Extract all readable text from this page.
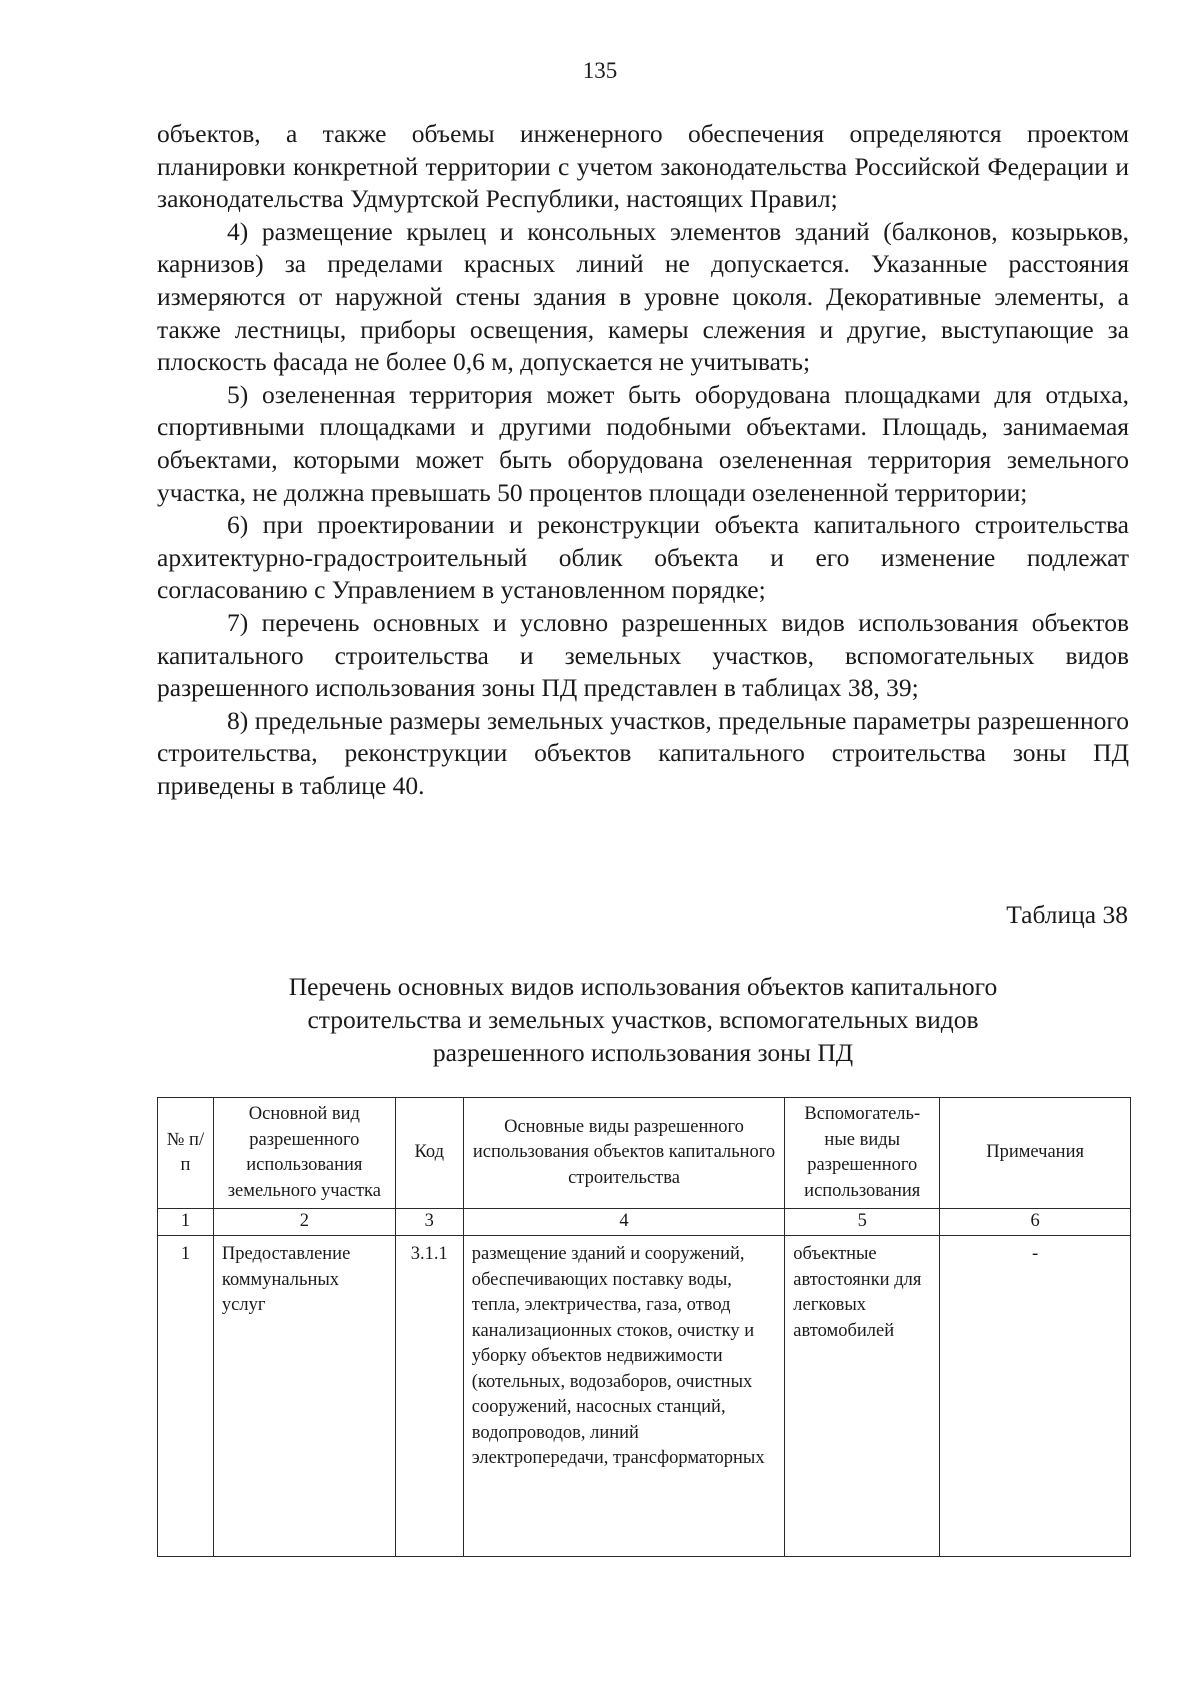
135

объектов, а также объемы инженерного обеспечения определяются проектом планировки конкретной территории с учетом законодательства Российской Федерации и законодательства Удмуртской Республики, настоящих Правил;

4) размещение крылец и консольных элементов зданий (балконов, козырьков, карнизов) за пределами красных линий не допускается. Указанные расстояния измеряются от наружной стены здания в уровне цоколя. Декоративные элементы, а также лестницы, приборы освещения, камеры слежения и другие, выступающие за плоскость фасада не более 0,6 м, допускается не учитывать;

5) озелененная территория может быть оборудована площадками для отдыха, спортивными площадками и другими подобными объектами. Площадь, занимаемая объектами, которыми может быть оборудована озелененная территория земельного участка, не должна превышать 50 процентов площади озелененной территории;

6) при проектировании и реконструкции объекта капитального строительства архитектурно-градостроительный облик объекта и его изменение подлежат согласованию с Управлением в установленном порядке;

7) перечень основных и условно разрешенных видов использования объектов капитального строительства и земельных участков, вспомогательных видов разрешенного использования зоны ПД представлен в таблицах 38, 39;

8) предельные размеры земельных участков, предельные параметры разрешенного строительства, реконструкции объектов капитального строительства зоны ПД приведены в таблице 40.

Таблица 38
Перечень основных видов использования объектов капитального
строительства и земельных участков, вспомогательных видов
разрешенного использования зоны ПД
№ п/п	Основной вид разрешенного использования земельного участка	Код	Основные виды разрешенного использования объектов капитального строительства	Вспомогатель-ные виды разрешенного использования	Примечания
1	2	3	4	5	6
1	Предоставление коммунальных услуг	3.1.1	размещение зданий и сооружений, обеспечивающих поставку воды, тепла, электричества, газа, отвод канализационных стоков, очистку и уборку объектов недвижимости (котельных, водозаборов, очистных сооружений, насосных станций, водопроводов, линий электропередачи, трансформаторных	объектные автостоянки для легковых автомобилей	-
